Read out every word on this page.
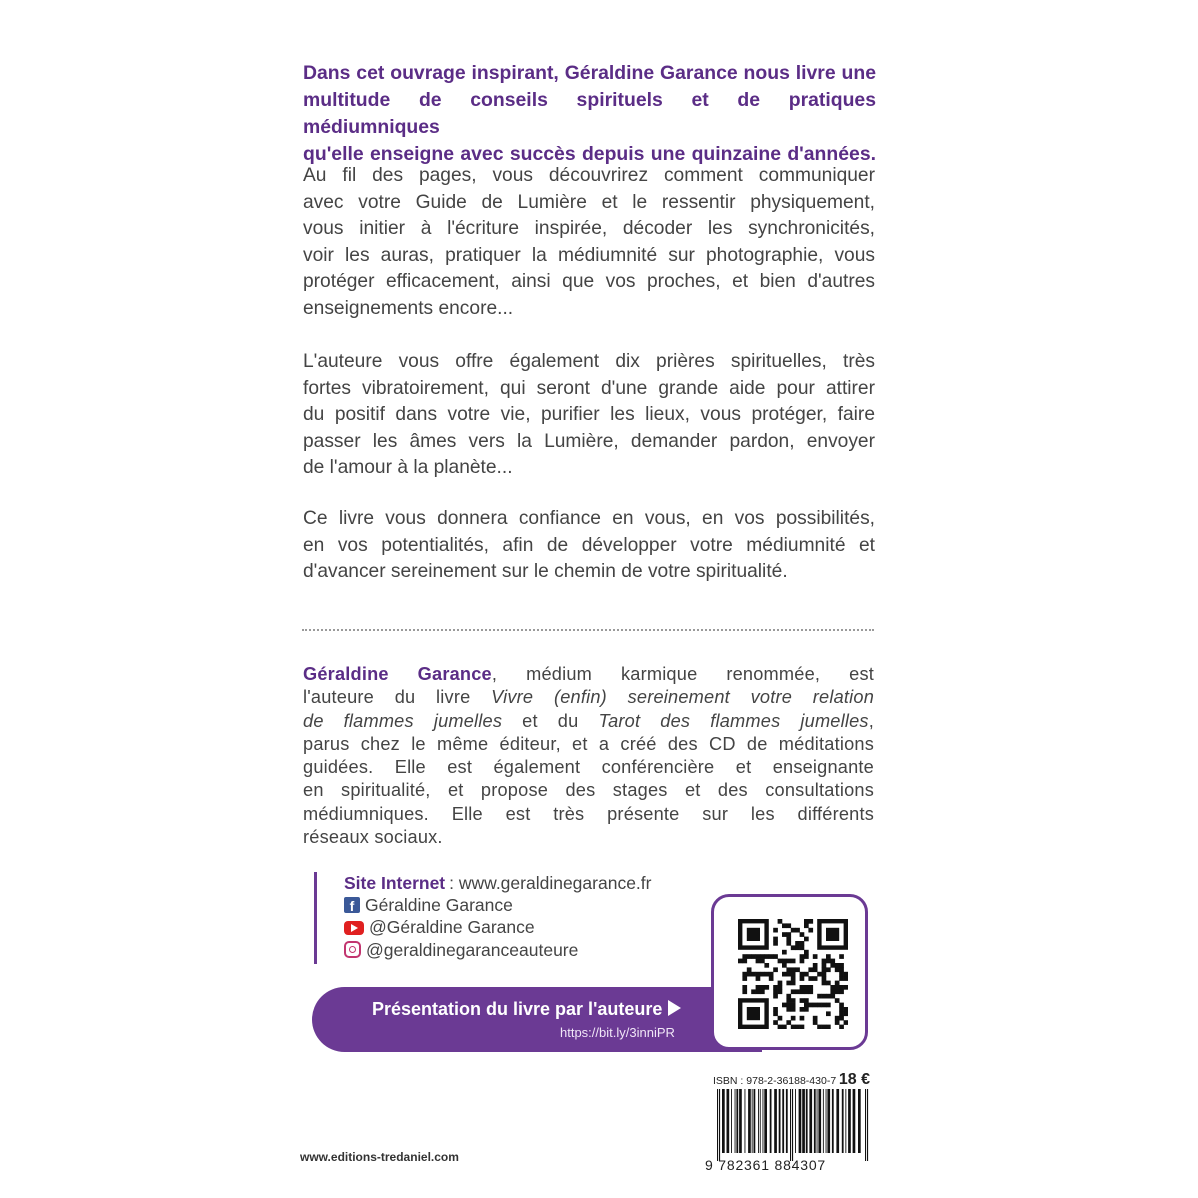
Dans cet ouvrage inspirant, Géraldine Garance nous livre une
multitude de conseils spirituels et de pratiques médiumniques
qu'elle enseigne avec succès depuis une quinzaine d'années.
Au fil des pages, vous découvrirez comment communiquer
avec votre Guide de Lumière et le ressentir physiquement,
vous initier à l'écriture inspirée, décoder les synchronicités,
voir les auras, pratiquer la médiumnité sur photographie, vous
protéger efficacement, ainsi que vos proches, et bien d'autres
enseignements encore...
L'auteure vous offre également dix prières spirituelles, très
fortes vibratoirement, qui seront d'une grande aide pour attirer
du positif dans votre vie, purifier les lieux, vous protéger, faire
passer les âmes vers la Lumière, demander pardon, envoyer
de l'amour à la planète...
Ce livre vous donnera confiance en vous, en vos possibilités,
en vos potentialités, afin de développer votre médiumnité et
d'avancer sereinement sur le chemin de votre spiritualité.
Géraldine Garance, médium karmique renommée, est
l'auteure du livre Vivre (enfin) sereinement votre relation
de flammes jumelles et du Tarot des flammes jumelles,
parus chez le même éditeur, et a créé des CD de méditations
guidées. Elle est également conférencière et enseignante
en spiritualité, et propose des stages et des consultations
médiumniques. Elle est très présente sur les différents
réseaux sociaux.
Site Internet : www.geraldinegarance.fr
f Géraldine Garance
@Géraldine Garance
@geraldinegaranceauteure
Présentation du livre par l'auteure
https://bit.ly/3inniPR
ISBN : 978-2-36188-430-7 18 €
9 782361 884307
www.editions-tredaniel.com
